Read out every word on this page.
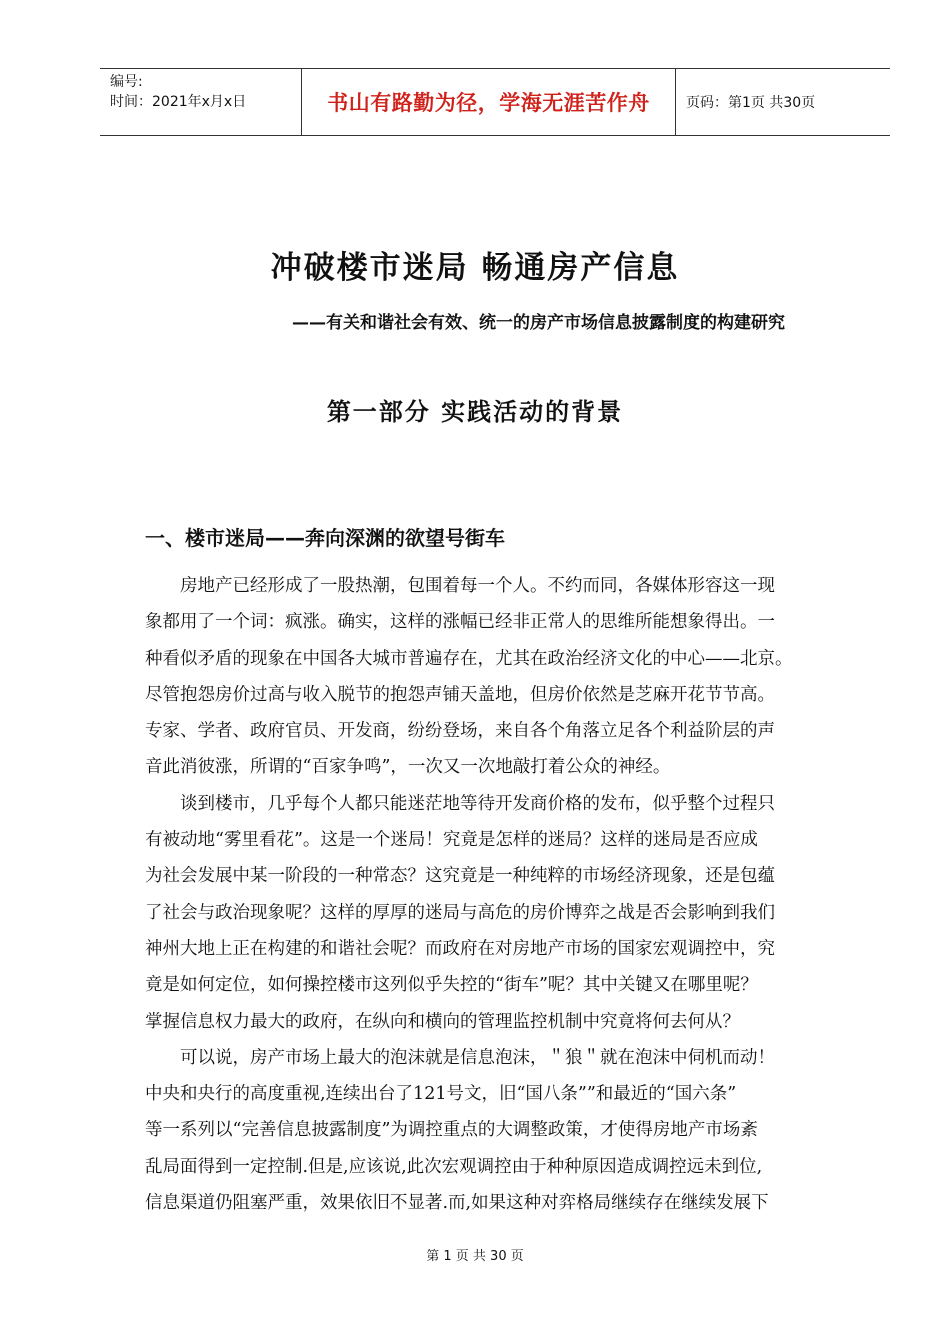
编号:
时间：2021年x月x日	书山有路勤为径，学海无涯苦作舟	页码：第1页 共30页
冲破楼市迷局 畅通房产信息
——有关和谐社会有效、统一的房产市场信息披露制度的构建研究
第一部分 实践活动的背景
一、楼市迷局——奔向深渊的欲望号街车
　　房地产已经形成了一股热潮，包围着每一个人。不约而同，各媒体形容这一现
象都用了一个词：疯涨。确实，这样的涨幅已经非正常人的思维所能想象得出。一
种看似矛盾的现象在中国各大城市普遍存在，尤其在政治经济文化的中心——北京。
尽管抱怨房价过高与收入脱节的抱怨声铺天盖地，但房价依然是芝麻开花节节高。
专家、学者、政府官员、开发商，纷纷登场，来自各个角落立足各个利益阶层的声
音此消彼涨，所谓的“百家争鸣”，一次又一次地敲打着公众的神经。
　　谈到楼市，几乎每个人都只能迷茫地等待开发商价格的发布，似乎整个过程只
有被动地“雾里看花”。这是一个迷局！究竟是怎样的迷局？这样的迷局是否应成
为社会发展中某一阶段的一种常态？这究竟是一种纯粹的市场经济现象，还是包蕴
了社会与政治现象呢？这样的厚厚的迷局与高危的房价博弈之战是否会影响到我们
神州大地上正在构建的和谐社会呢？而政府在对房地产市场的国家宏观调控中，究
竟是如何定位，如何操控楼市这列似乎失控的“街车”呢？其中关键又在哪里呢？
掌握信息权力最大的政府，在纵向和横向的管理监控机制中究竟将何去何从？
　　可以说，房产市场上最大的泡沫就是信息泡沫，＂狼＂就在泡沫中伺机而动！
中央和央行的高度重视,连续出台了121号文，旧“国八条””和最近的“国六条”
等一系列以“完善信息披露制度”为调控重点的大调整政策，才使得房地产市场紊
乱局面得到一定控制.但是,应该说,此次宏观调控由于种种原因造成调控远未到位,
信息渠道仍阻塞严重，效果依旧不显著.而,如果这种对弈格局继续存在继续发展下
第 1 页 共 30 页
